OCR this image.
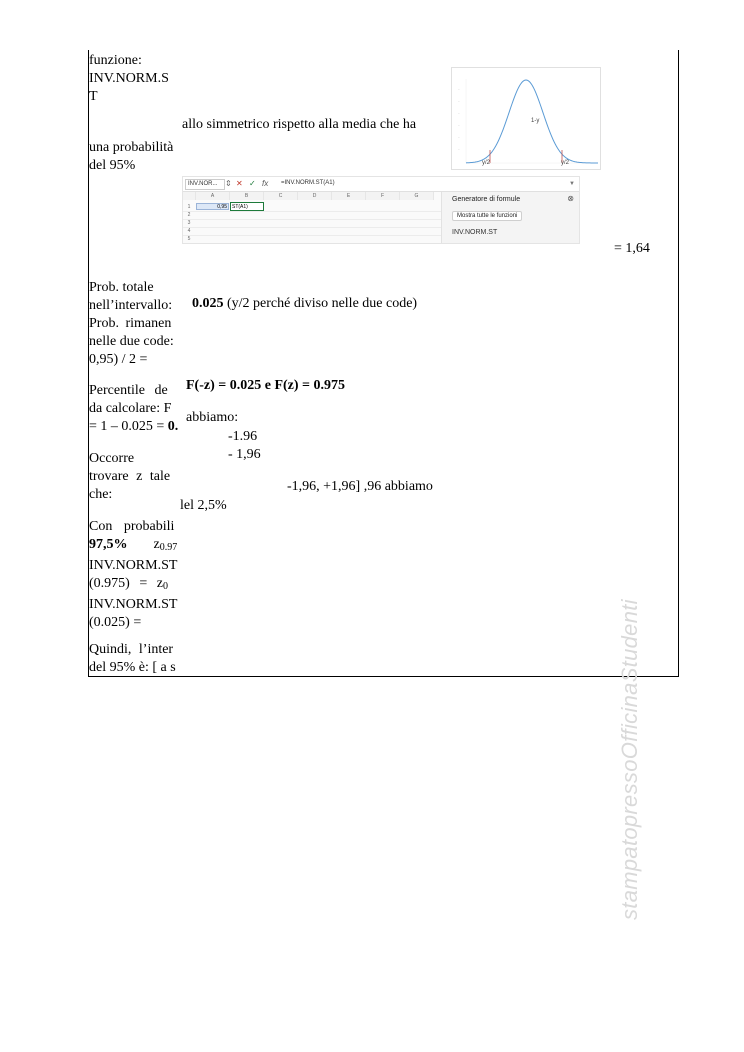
funzione:
INV.NORM.S
T
una probabilità
del 95%
Prob. totale
nell’intervallo:
Prob. rimanen
nelle due code:
0,95) / 2 =
Percentile de
da calcolare: F
= 1 – 0.025 = 0.
Occorre
trovare z tale
che:
Con probabili
97,5% $z_{0.97}$
INV.NORM.ST
$(0.975) = z_0$
INV.NORM.ST
(0.025) =
Quindi, l’inter
del 95% è: [ a s
allo simmetrico rispetto alla media che ha
= 1,64
0.025 (y/2 perché diviso nelle due code)
F(-z) = 0.025 e F(z) = 0.975
abbiamo:
-1.96
- 1,96
-1,96, +1,96] ,96 abbiamo
lel 2,5%
–
–
–
–
–
–
1-y
y/2	y/2
INV.NOR... ⇕ ✕ ✓ fx =INV.NORM.ST(A1)	▼
A	B	C	D	E	F	G
1
2
3
4
5
0,95	ST(A1)
Generatore di formule	⊗
Mostra tutte le funzioni
INV.NORM.ST
stampatopressoOfficinaStudenti
